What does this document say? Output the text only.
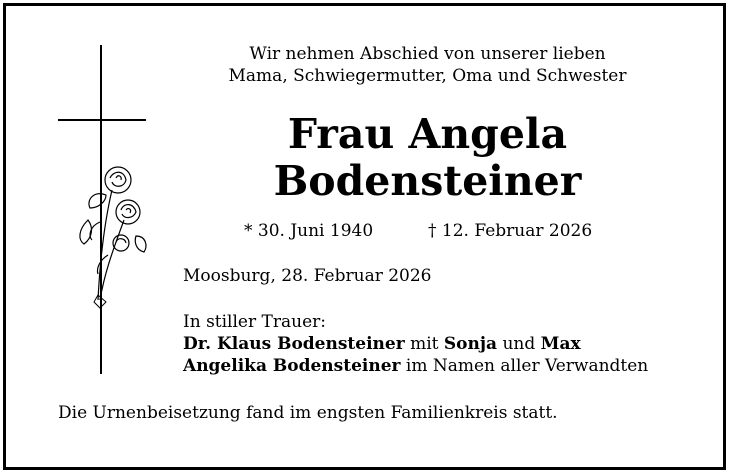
Wir nehmen Abschied von unserer lieben
Mama, Schwiegermutter, Oma und Schwester
Frau Angela
Bodensteiner
* 30. Juni 1940	† 12. Februar 2026
Moosburg, 28. Februar 2026
In stiller Trauer:
Dr. Klaus Bodensteiner mit Sonja und Max
Angelika Bodensteiner im Namen aller Verwandten
Die Urnenbeisetzung fand im engsten Familienkreis statt.
